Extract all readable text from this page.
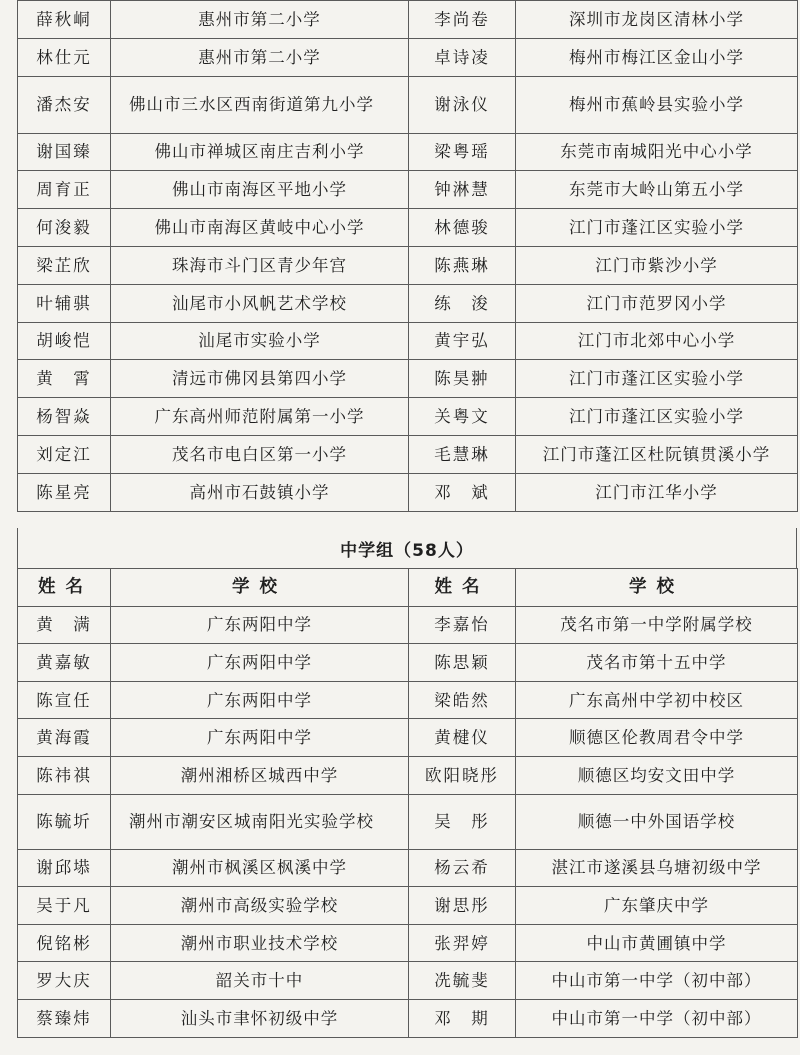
薛秋峒	惠州市第二小学	李尚卷	深圳市龙岗区清林小学
林仕元	惠州市第二小学	卓诗凌	梅州市梅江区金山小学
潘杰安	佛山市三水区西南街道第九小学	谢泳仪	梅州市蕉岭县实验小学
谢国臻	佛山市禅城区南庄吉利小学	梁粤瑶	东莞市南城阳光中心小学
周育正	佛山市南海区平地小学	钟淋慧	东莞市大岭山第五小学
何浚毅	佛山市南海区黄岐中心小学	林德骏	江门市蓬江区实验小学
梁芷欣	珠海市斗门区青少年宫	陈燕琳	江门市紫沙小学
叶辅骐	汕尾市小风帆艺术学校	练　浚	江门市范罗冈小学
胡峻恺	汕尾市实验小学	黄宇弘	江门市北郊中心小学
黄　霄	清远市佛冈县第四小学	陈昊翀	江门市蓬江区实验小学
杨智焱	广东高州师范附属第一小学	关粤文	江门市蓬江区实验小学
刘定江	茂名市电白区第一小学	毛慧琳	江门市蓬江区杜阮镇贯溪小学
陈星亮	高州市石鼓镇小学	邓　斌	江门市江华小学
中学组（58人）
姓名	学校	姓名	学校
黄　满	广东两阳中学	李嘉怡	茂名市第一中学附属学校
黄嘉敏	广东两阳中学	陈思颖	茂名市第十五中学
陈宣任	广东两阳中学	梁皓然	广东高州中学初中校区
黄海霞	广东两阳中学	黄楗仪	顺德区伦教周君令中学
陈祎祺	潮州湘桥区城西中学	欧阳晓彤	顺德区均安文田中学
陈毓圻	潮州市潮安区城南阳光实验学校	吴　彤	顺德一中外国语学校
谢邱塨	潮州市枫溪区枫溪中学	杨云希	湛江市遂溪县乌塘初级中学
吴于凡	潮州市高级实验学校	谢思彤	广东肇庆中学
倪铭彬	潮州市职业技术学校	张羿婷	中山市黄圃镇中学
罗大庆	韶关市十中	冼毓斐	中山市第一中学（初中部）
蔡臻炜	汕头市聿怀初级中学	邓　期	中山市第一中学（初中部）
